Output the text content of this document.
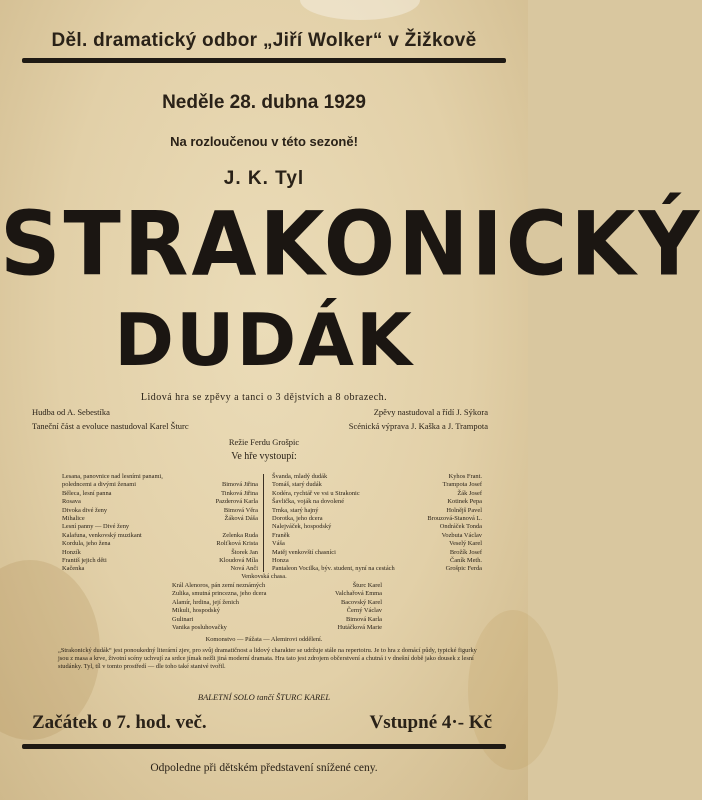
Děl. dramatický odbor „Jiří Wolker“ v Žižkově
Neděle 28. dubna 1929
Na rozloučenou v této sezoně!
J. K. Tyl
STRAKONICKÝ
DUDÁK
Lidová hra se zpěvy a tanci o 3 dějstvích a 8 obrazech.
Hudba od A. Sebestíka	Zpěvy nastudoval a řídí J. Sýkora
Taneční část a evoluce nastudoval Karel Šturc	Scénická výprava J. Kaška a J. Trampota
Režie Ferdu Grošpic
Ve hře vystoupí:
Lesana, panovnice nad lesními panami,
poledncemi a divými ženami	Bimová Jiřina
Běleca, lesní panna	Tinková Jiřina
Rosava	Pazderová Karla
Divoka divé ženy	Bimová Věra
Mihalice	Žáková Dáša
Lesní panny — Divé ženy
Kalafuna, venkovský muzikant	Zelenka Ruda
Kordula, jeho žena	Rolťková Krista
Honzík	Štorek Jan
Františ jejich děti	Kloudová Míla
Kačenka	Nová Anči
Švanda, mladý dudák	Kyhos Frant.
Tomáš, starý dudák	Trampota Josef
Kodéra, rychtář ve vsi u Strakonic	Žák Josef
Šavlička, voják na dovolené	Kotinek Pepa
Trnka, starý hajný	Holnějš Pavel
Dorotka, jeho dcera	Brouzová-Stanová L.
Nalejváček, hospodský	Ondráček Tonda
Franěk	Vozbuta Václav
Váša	Veselý Karel
Matěj venkovští chasníci	Brožík Josef
Honza	Čaník Meth.
Pantaleon Vocilka, býv. student, nyní na cestách	Grošpic Ferda
Venkovská chasa.
Král Alenoros, pán zemí neznámých	Šturc Karel
Zulika, smutná princezna, jeho dcera	Valchařová Emma
Alamír, hrdina, její ženich	Bacovský Karel
Mikuli, hospodský	Černý Václav
Gulinari	Bimová Karla
Vanika posluhovačky	Hutáčková Marie
Komonstvo — Pážata — Alemirovi oddělení.
„Strakonický dudák“ jest ponoukedný literární zjev, pro svůj dramatičnost a lidový charakter se udržuje stále na repertoiru. Je to hra z domácí půdy, typické figurky jsou z masa a krve, životní scény uchvují za srdce jímak nežli jiná moderní dramata. Hra tato jest zdrojem občerstvení a chutná i v dnešní době jako dousek z lesní studánky. Tyl, tíl v tomto prostředí — dle toho také stanivé tvořil.
BALETNÍ SOLO tančí ŠTURC KAREL
Začátek o 7. hod. več.	Vstupné 4·- Kč
Odpoledne při dětském představení snížené ceny.
